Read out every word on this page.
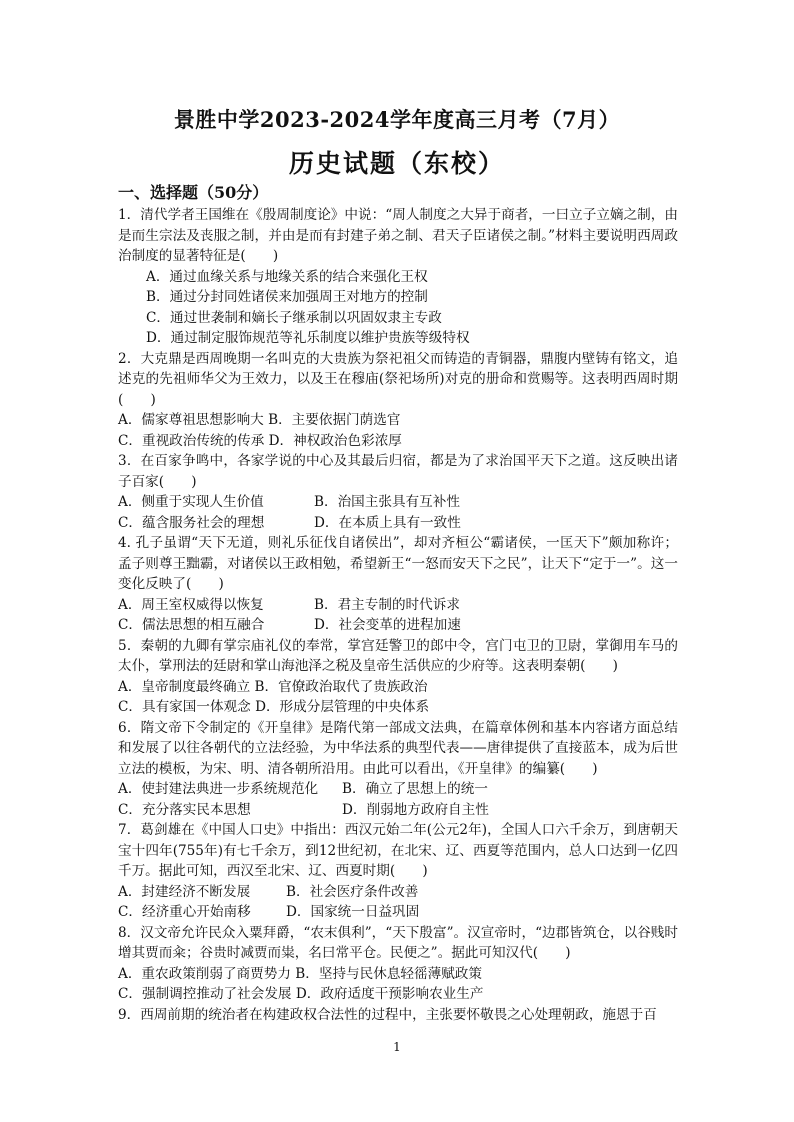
景胜中学2023-2024学年度高三月考（7月）
历史试题（东校）
一、选择题（50分）
1．清代学者王国维在《殷周制度论》中说：“周人制度之大异于商者，一曰立子立嫡之制，由是而生宗法及丧服之制，并由是而有封建子弟之制、君天子臣诸侯之制。”材料主要说明西周政治制度的显著特征是(　　)
A．通过血缘关系与地缘关系的结合来强化王权
B．通过分封同姓诸侯来加强周王对地方的控制
C．通过世袭制和嫡长子继承制以巩固奴隶主专政
D．通过制定服饰规范等礼乐制度以维护贵族等级特权
2．大克鼎是西周晚期一名叫克的大贵族为祭祀祖父而铸造的青铜器，鼎腹内壁铸有铭文，追述克的先祖师华父为王效力，以及王在穆庙(祭祀场所)对克的册命和赏赐等。这表明西周时期(　　)
A．儒家尊祖思想影响大 B．主要依据门荫选官
C．重视政治传统的传承 D．神权政治色彩浓厚
3．在百家争鸣中，各家学说的中心及其最后归宿，都是为了求治国平天下之道。这反映出诸子百家(　　)
A．侧重于实现人生价值	B．治国主张具有互补性
C．蕴含服务社会的理想	D．在本质上具有一致性
4. 孔子虽谓“天下无道，则礼乐征伐自诸侯出”，却对齐桓公“霸诸侯，一匡天下”颇加称许；孟子则尊王黜霸，对诸侯以王政相勉，希望新王“一怒而安天下之民”，让天下“定于一”。这一变化反映了(　　)
A．周王室权威得以恢复	B．君主专制的时代诉求
C．儒法思想的相互融合	D．社会变革的进程加速
5．秦朝的九卿有掌宗庙礼仪的奉常，掌宫廷警卫的郎中令，宫门屯卫的卫尉，掌御用车马的太仆，掌刑法的廷尉和掌山海池泽之税及皇帝生活供应的少府等。这表明秦朝(　　)
A．皇帝制度最终确立 B．官僚政治取代了贵族政治
C．具有家国一体观念 D．形成分层管理的中央体系
6．隋文帝下令制定的《开皇律》是隋代第一部成文法典，在篇章体例和基本内容诸方面总结和发展了以往各朝代的立法经验，为中华法系的典型代表——唐律提供了直接蓝本，成为后世立法的模板，为宋、明、清各朝所沿用。由此可以看出，《开皇律》的编纂(　　)
A．使封建法典进一步系统规范化	B．确立了思想上的统一
C．充分落实民本思想	D．削弱地方政府自主性
7．葛剑雄在《中国人口史》中指出：西汉元始二年(公元2年)，全国人口六千余万，到唐朝天宝十四年(755年)有七千余万，到12世纪初，在北宋、辽、西夏等范围内，总人口达到一亿四千万。据此可知，西汉至北宋、辽、西夏时期(　　)
A．封建经济不断发展	B．社会医疗条件改善
C．经济重心开始南移	D．国家统一日益巩固
8．汉文帝允许民众入粟拜爵，“农末俱利”，“天下殷富”。汉宣帝时，“边郡皆筑仓，以谷贱时增其贾而籴；谷贵时减贾而粜，名曰常平仓。民便之”。据此可知汉代(　　)
A．重农政策削弱了商贾势力 B．坚持与民休息轻徭薄赋政策
C．强制调控推动了社会发展 D．政府适度干预影响农业生产
9．西周前期的统治者在构建政权合法性的过程中，主张要怀敬畏之心处理朝政，施恩于百
1
